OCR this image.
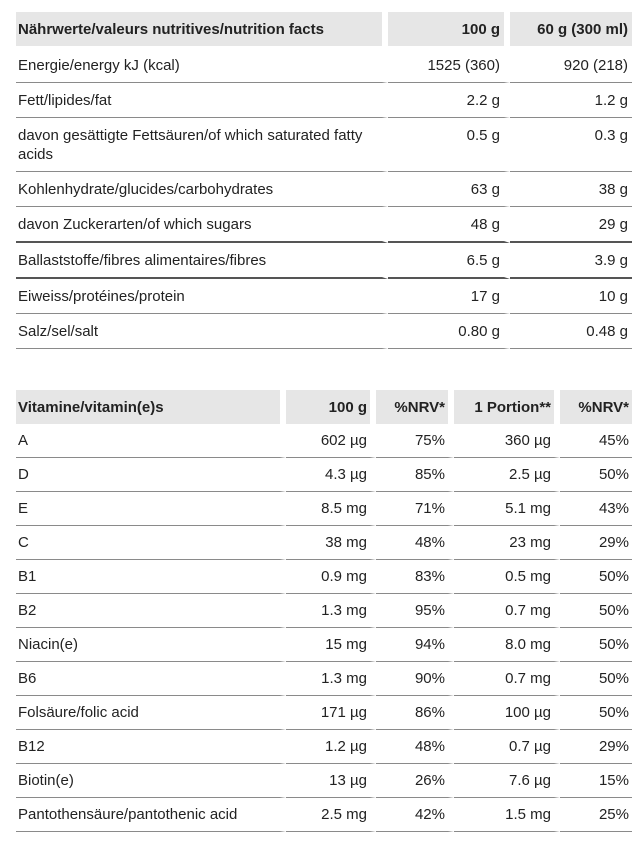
Nährwerte/valeurs nutritives/nutrition facts	100 g	60 g (300 ml)
Energie/energy kJ (kcal)	1525 (360)	920 (218)
Fett/lipides/fat	2.2 g	1.2 g
davon gesättigte Fettsäuren/of which saturated fatty acids	0.5 g	0.3 g
Kohlenhydrate/glucides/carbohydrates	63 g	38 g
davon Zuckerarten/of which sugars	48 g	29 g
Ballaststoffe/fibres alimentaires/fibres	6.5 g	3.9 g
Eiweiss/protéines/protein	17 g	10 g
Salz/sel/salt	0.80 g	0.48 g
Vitamine/vitamin(e)s	100 g	%NRV*	1 Portion**	%NRV*
A	602 µg	75%	360 µg	45%
D	4.3 µg	85%	2.5 µg	50%
E	8.5 mg	71%	5.1 mg	43%
C	38 mg	48%	23 mg	29%
B1	0.9 mg	83%	0.5 mg	50%
B2	1.3 mg	95%	0.7 mg	50%
Niacin(e)	15 mg	94%	8.0 mg	50%
B6	1.3 mg	90%	0.7 mg	50%
Folsäure/folic acid	171 µg	86%	100 µg	50%
B12	1.2 µg	48%	0.7 µg	29%
Biotin(e)	13 µg	26%	7.6 µg	15%
Pantothensäure/pantothenic acid	2.5 mg	42%	1.5 mg	25%
